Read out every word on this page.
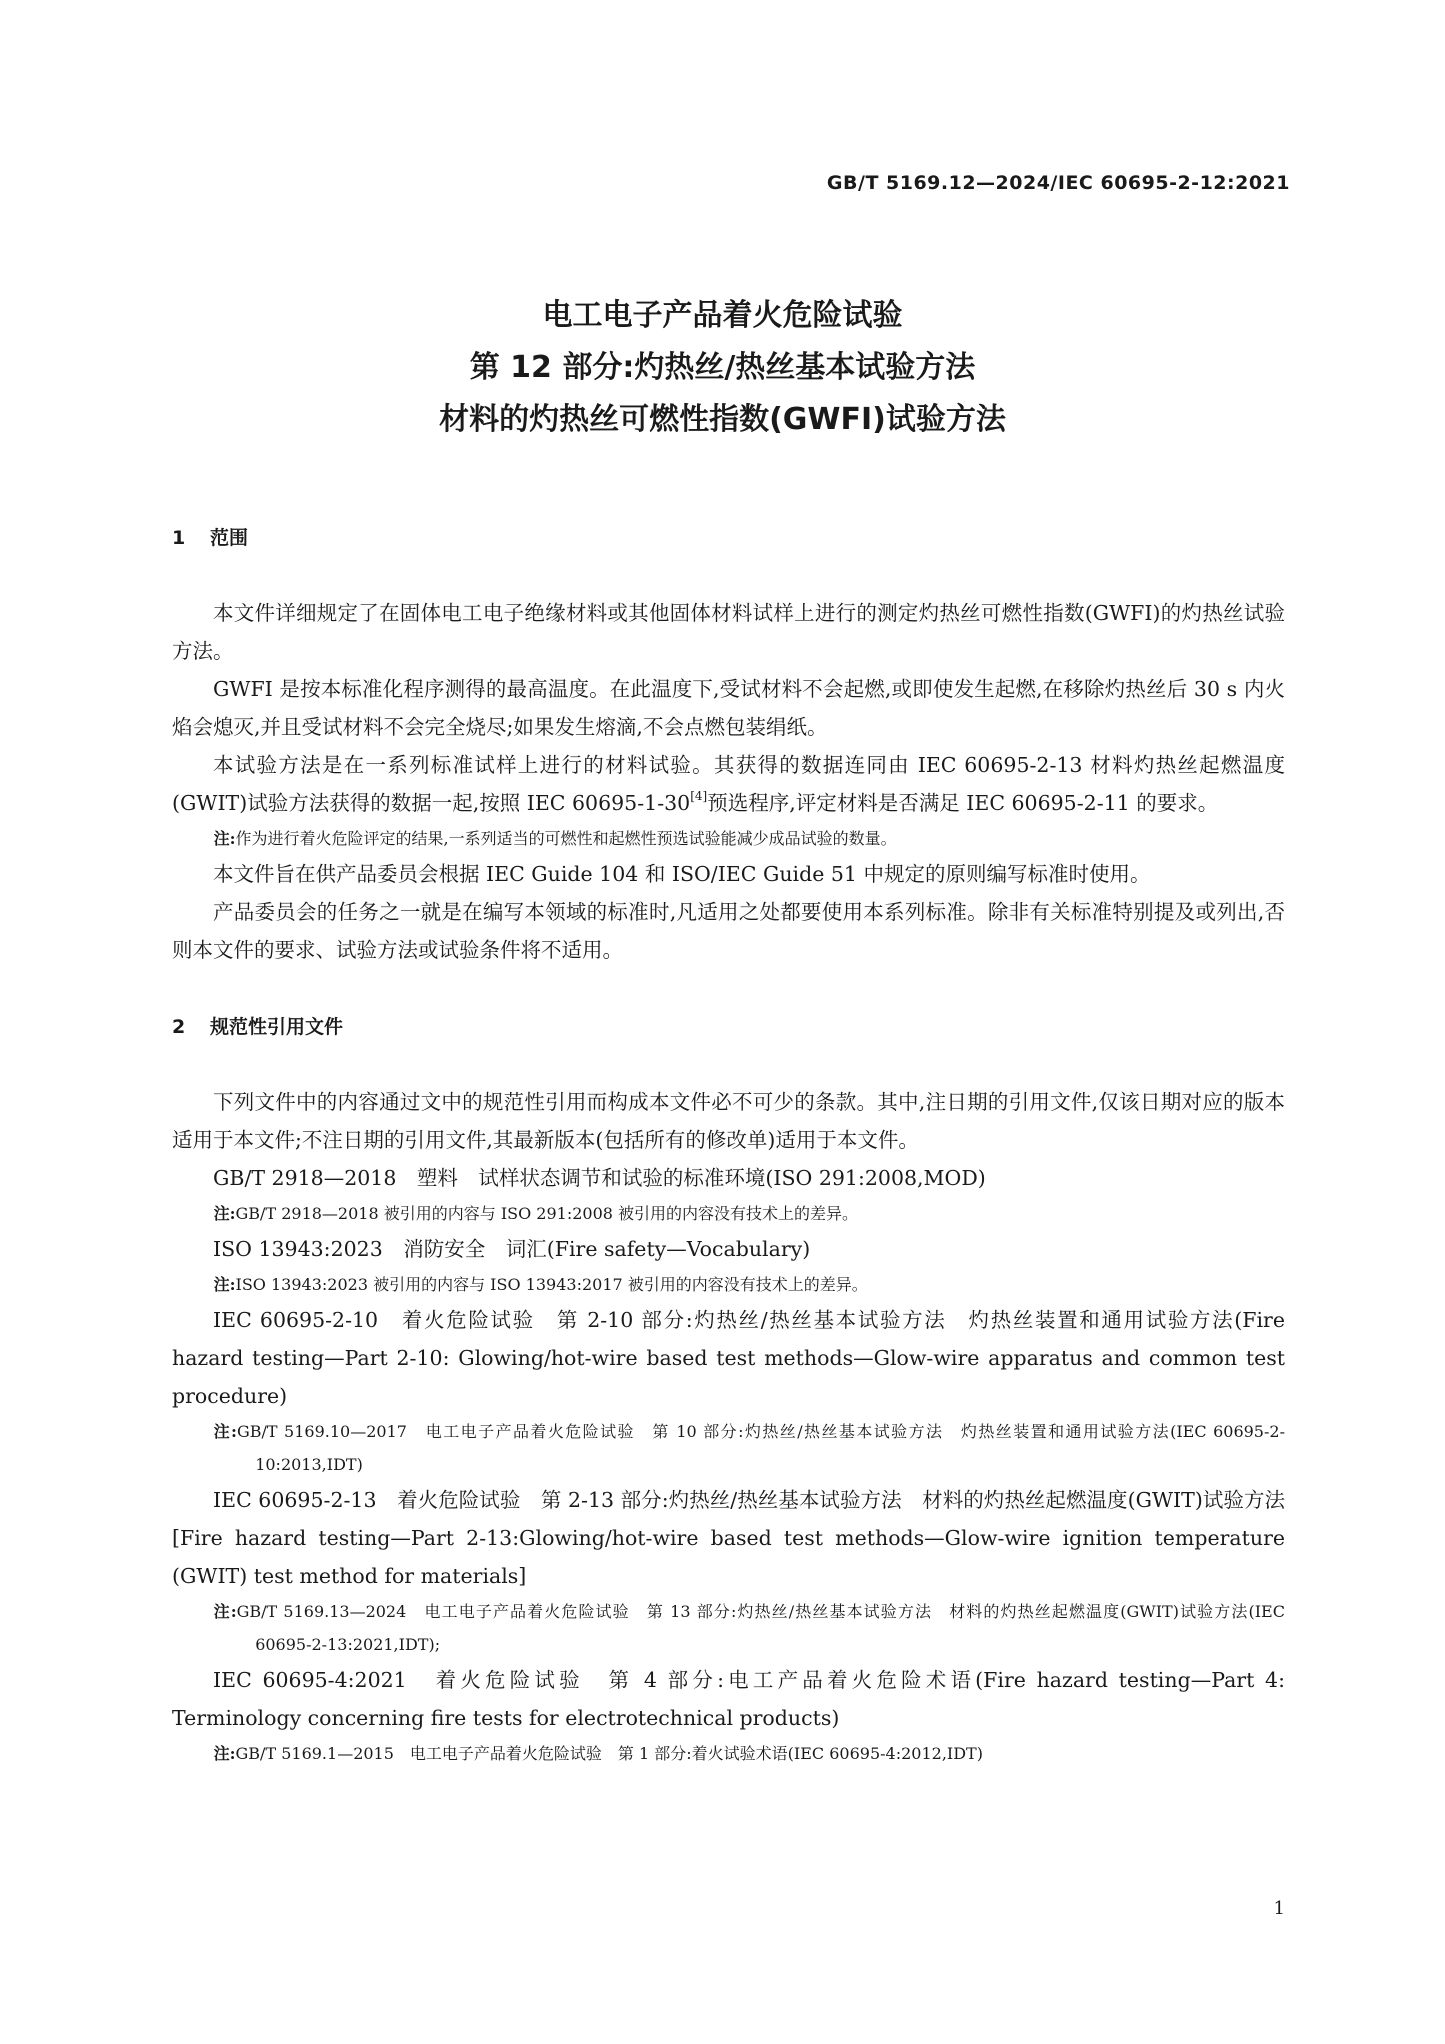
GB/T 5169.12—2024/IEC 60695-2-12:2021
电工电子产品着火危险试验
第 12 部分:灼热丝/热丝基本试验方法
材料的灼热丝可燃性指数(GWFI)试验方法
1 范围

本文件详细规定了在固体电工电子绝缘材料或其他固体材料试样上进行的测定灼热丝可燃性指数(GWFI)的灼热丝试验方法。

GWFI 是按本标准化程序测得的最高温度。在此温度下,受试材料不会起燃,或即使发生起燃,在移除灼热丝后 30 s 内火焰会熄灭,并且受试材料不会完全烧尽;如果发生熔滴,不会点燃包装绢纸。

本试验方法是在一系列标准试样上进行的材料试验。其获得的数据连同由 IEC 60695-2-13 材料灼热丝起燃温度(GWIT)试验方法获得的数据一起,按照 IEC 60695-1-30[4]预选程序,评定材料是否满足 IEC 60695-2-11 的要求。

注:作为进行着火危险评定的结果,一系列适当的可燃性和起燃性预选试验能减少成品试验的数量。

本文件旨在供产品委员会根据 IEC Guide 104 和 ISO/IEC Guide 51 中规定的原则编写标准时使用。

产品委员会的任务之一就是在编写本领域的标准时,凡适用之处都要使用本系列标准。除非有关标准特别提及或列出,否则本文件的要求、试验方法或试验条件将不适用。

2 规范性引用文件

下列文件中的内容通过文中的规范性引用而构成本文件必不可少的条款。其中,注日期的引用文件,仅该日期对应的版本适用于本文件;不注日期的引用文件,其最新版本(包括所有的修改单)适用于本文件。

GB/T 2918—2018　塑料　试样状态调节和试验的标准环境(ISO 291:2008,MOD)

注:GB/T 2918—2018 被引用的内容与 ISO 291:2008 被引用的内容没有技术上的差异。

ISO 13943:2023　消防安全　词汇(Fire safety—Vocabulary)

注:ISO 13943:2023 被引用的内容与 ISO 13943:2017 被引用的内容没有技术上的差异。

IEC 60695-2-10　着火危险试验　第 2-10 部分:灼热丝/热丝基本试验方法　灼热丝装置和通用试验方法(Fire hazard testing—Part 2-10: Glowing/hot-wire based test methods—Glow-wire apparatus and common test procedure)

注:GB/T 5169.10—2017　电工电子产品着火危险试验　第 10 部分:灼热丝/热丝基本试验方法　灼热丝装置和通用试验方法(IEC 60695-2-10:2013,IDT)

IEC 60695-2-13　着火危险试验　第 2-13 部分:灼热丝/热丝基本试验方法　材料的灼热丝起燃温度(GWIT)试验方法[Fire hazard testing—Part 2-13:Glowing/hot-wire based test methods—Glow-wire ignition temperature (GWIT) test method for materials]

注:GB/T 5169.13—2024　电工电子产品着火危险试验　第 13 部分:灼热丝/热丝基本试验方法　材料的灼热丝起燃温度(GWIT)试验方法(IEC 60695-2-13:2021,IDT);

IEC 60695-4:2021　着火危险试验　第 4 部分:电工产品着火危险术语(Fire hazard testing—Part 4: Terminology concerning fire tests for electrotechnical products)

注:GB/T 5169.1—2015　电工电子产品着火危险试验　第 1 部分:着火试验术语(IEC 60695-4:2012,IDT)

1
